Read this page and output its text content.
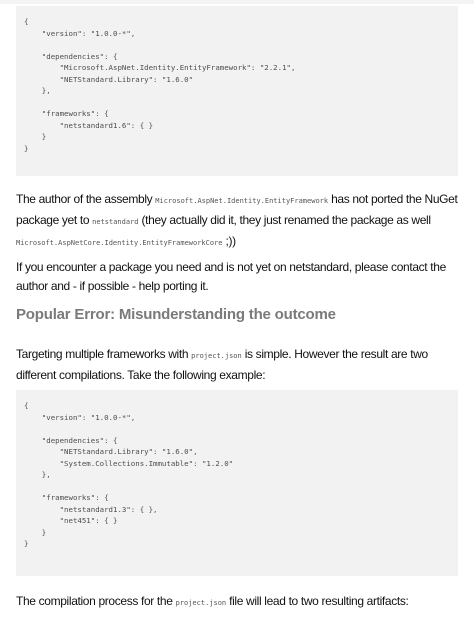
{
"version": "1.0.0-*",

"dependencies": {
"Microsoft.AspNet.Identity.EntityFramework": "2.2.1",
"NETStandard.Library": "1.6.0"
},

"frameworks": {
"netstandard1.6": { }
}
}

The author of the assembly Microsoft.AspNet.Identity.EntityFramework has not ported the NuGet package yet to netstandard (they actually did it, they just renamed the package as well Microsoft.AspNetCore.Identity.EntityFrameworkCore ;))

If you encounter a package you need and is not yet on netstandard, please contact the author and - if possible - help porting it.

Popular Error: Misunderstanding the outcome

Targeting multiple frameworks with project.json is simple. However the result are two different compilations. Take the following example:

{
"version": "1.0.0-*",

"dependencies": {
"NETStandard.Library": "1.6.0",
"System.Collections.Immutable": "1.2.0"
},

"frameworks": {
"netstandard1.3": { },
"net451": { }
}
}

The compilation process for the project.json file will lead to two resulting artifacts:
